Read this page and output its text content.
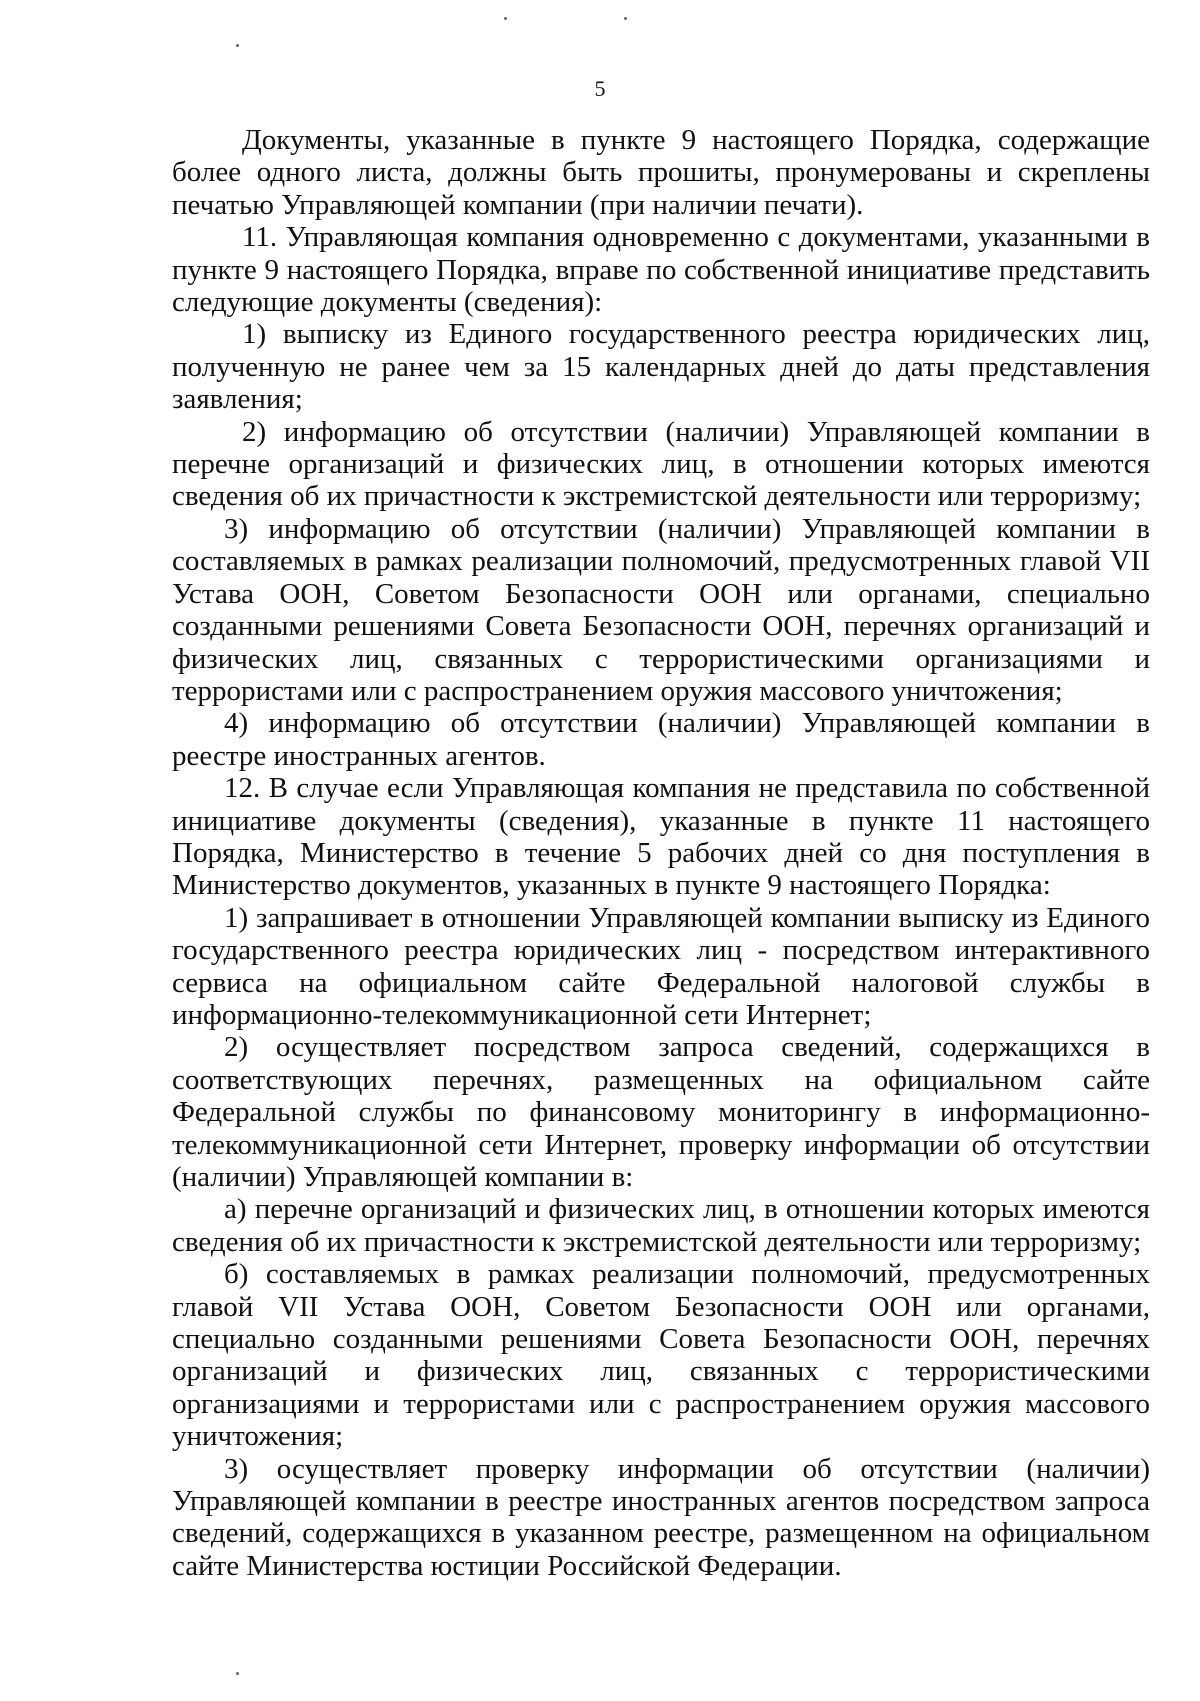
5

Документы, указанные в пункте 9 настоящего Порядка, содержащие более одного листа, должны быть прошиты, пронумерованы и скреплены печатью Управляющей компании (при наличии печати).

11. Управляющая компания одновременно с документами, указанными в пункте 9 настоящего Порядка, вправе по собственной инициативе представить следующие документы (сведения):

1) выписку из Единого государственного реестра юридических лиц, полученную не ранее чем за 15 календарных дней до даты представления заявления;

2) информацию об отсутствии (наличии) Управляющей компании в перечне организаций и физических лиц, в отношении которых имеются сведения об их причастности к экстремистской деятельности или терроризму;

3) информацию об отсутствии (наличии) Управляющей компании в составляемых в рамках реализации полномочий, предусмотренных главой VII Устава ООН, Советом Безопасности ООН или органами, специально созданными решениями Совета Безопасности ООН, перечнях организаций и физических лиц, связанных с террористическими организациями и террористами или с распространением оружия массового уничтожения;

4) информацию об отсутствии (наличии) Управляющей компании в реестре иностранных агентов.

12. В случае если Управляющая компания не представила по собственной инициативе документы (сведения), указанные в пункте 11 настоящего Порядка, Министерство в течение 5 рабочих дней со дня поступления в Министерство документов, указанных в пункте 9 настоящего Порядка:

1) запрашивает в отношении Управляющей компании выписку из Единого государственного реестра юридических лиц - посредством интерактивного сервиса на официальном сайте Федеральной налоговой службы в информационно-телекоммуникационной сети Интернет;

2) осуществляет посредством запроса сведений, содержащихся в соответствующих перечнях, размещенных на официальном сайте Федеральной службы по финансовому мониторингу в информационно-телекоммуникационной сети Интернет, проверку информации об отсутствии (наличии) Управляющей компании в:

а) перечне организаций и физических лиц, в отношении которых имеются сведения об их причастности к экстремистской деятельности или терроризму;

б) составляемых в рамках реализации полномочий, предусмотренных главой VII Устава ООН, Советом Безопасности ООН или органами, специально созданными решениями Совета Безопасности ООН, перечнях организаций и физических лиц, связанных с террористическими организациями и террористами или с распространением оружия массового уничтожения;

3) осуществляет проверку информации об отсутствии (наличии) Управляющей компании в реестре иностранных агентов посредством запроса сведений, содержащихся в указанном реестре, размещенном на официальном сайте Министерства юстиции Российской Федерации.
